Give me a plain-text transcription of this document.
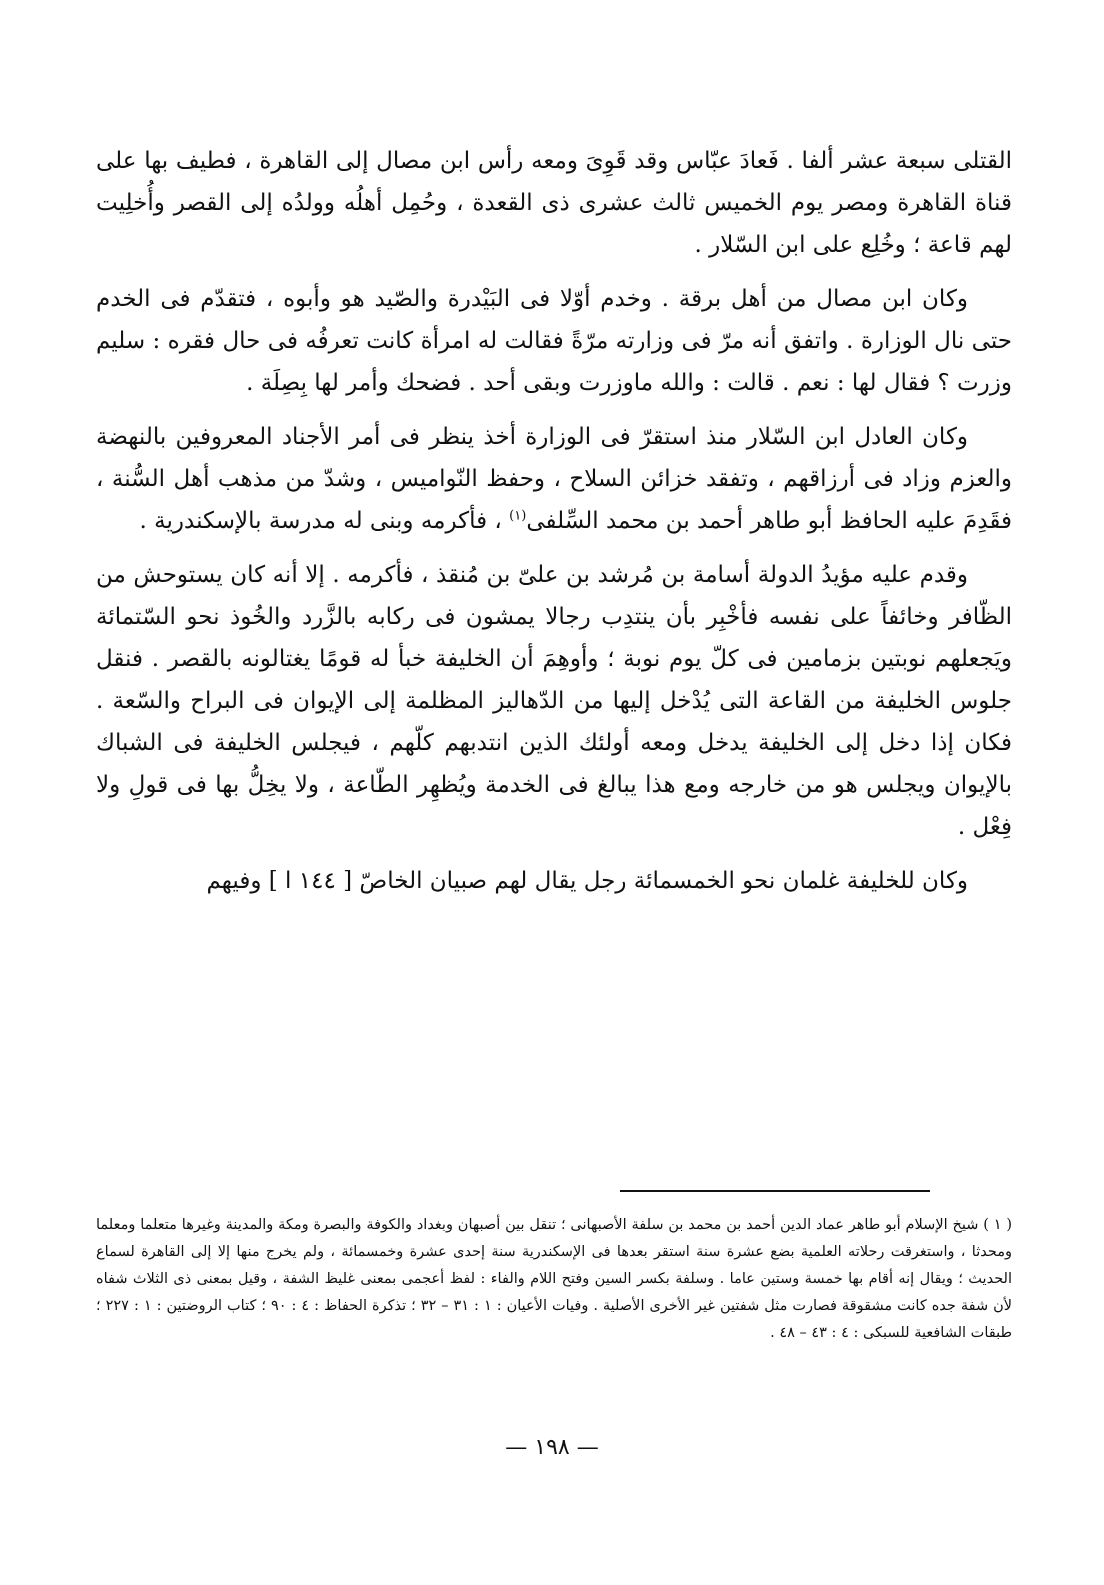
القتلى سبعة عشر ألفا . فَعادَ عبّاس وقد قَوِىَ ومعه رأس ابن مصال إلى القاهرة ، فطيف بها على قناة القاهرة ومصر يوم الخميس ثالث عشرى ذى القعدة ، وحُمِل أهلُه وولدُه إلى القصر وأُخلِيت لهم قاعة ؛ وخُلِع على ابن السّلار .

وكان ابن مصال من أهل برقة . وخدم أوّلا فى البَيْدرة والصّيد هو وأبوه ، فتقدّم فى الخدم حتى نال الوزارة . واتفق أنه مرّ فى وزارته مرّةً فقالت له امرأة كانت تعرفُه فى حال فقره : سليم وزرت ؟ فقال لها : نعم . قالت : والله ماوزرت وبقى أحد . فضحك وأمر لها بِصِلَة .

وكان العادل ابن السّلار منذ استقرّ فى الوزارة أخذ ينظر فى أمر الأجناد المعروفين بالنهضة والعزم وزاد فى أرزاقهم ، وتفقد خزائن السلاح ، وحفظ النّواميس ، وشدّ من مذهب أهل السُّنة ، فقَدِمَ عليه الحافظ أبو طاهر أحمد بن محمد السِّلفى$^{(١)}$ ، فأكرمه وبنى له مدرسة بالإسكندرية .

وقدم عليه مؤيدُ الدولة أسامة بن مُرشد بن علىّ بن مُنقذ ، فأكرمه . إلا أنه كان يستوحش من الظّافر وخائفاً على نفسه فأخْبِر بأن ينتدِب رجالا يمشون فى ركابه بالزَّرد والخُوذ نحو السّتمائة ويَجعلهم نوبتين بزمامين فى كلّ يوم نوبة ؛ وأوهِمَ أن الخليفة خبأ له قومًا يغتالونه بالقصر . فنقل جلوس الخليفة من القاعة التى يُدْخل إليها من الدّهاليز المظلمة إلى الإيوان فى البراح والسّعة . فكان إذا دخل إلى الخليفة يدخل ومعه أولئك الذين انتدبهم كلّهم ، فيجلس الخليفة فى الشباك بالإيوان ويجلس هو من خارجه ومع هذا يبالغ فى الخدمة ويُظهِر الطّاعة ، ولا يخِلُّ بها فى قولِ ولا فِعْل .

وكان للخليفة غلمان نحو الخمسمائة رجل يقال لهم صبيان الخاصّ [ ١٤٤ ا ] وفيهم

( ١ ) شيخ الإسلام أبو طاهر عماد الدين أحمد بن محمد بن سلفة الأصبهانى ؛ تنقل بين أصبهان وبغداد والكوفة والبصرة ومكة والمدينة وغيرها متعلما ومعلما ومحدثا ، واستغرقت رحلاته العلمية بضع عشرة سنة استقر بعدها فى الإسكندرية سنة إحدى عشرة وخمسمائة ، ولم يخرج منها إلا إلى القاهرة لسماع الحديث ؛ ويقال إنه أقام بها خمسة وستين عاما . وسلفة بكسر السين وفتح اللام والفاء : لفظ أعجمى بمعنى غليظ الشفة ، وقيل بمعنى ذى الثلاث شفاه لأن شفة جده كانت مشقوقة فصارت مثل شفتين غير الأخرى الأصلية . وفيات الأعيان : ١ : ٣١ – ٣٢ ؛ تذكرة الحفاظ : ٤ : ٩٠ ؛ كتاب الروضتين : ١ : ٢٢٧ ؛ طبقات الشافعية للسبكى : ٤ : ٤٣ – ٤٨ .

— ١٩٨ —
